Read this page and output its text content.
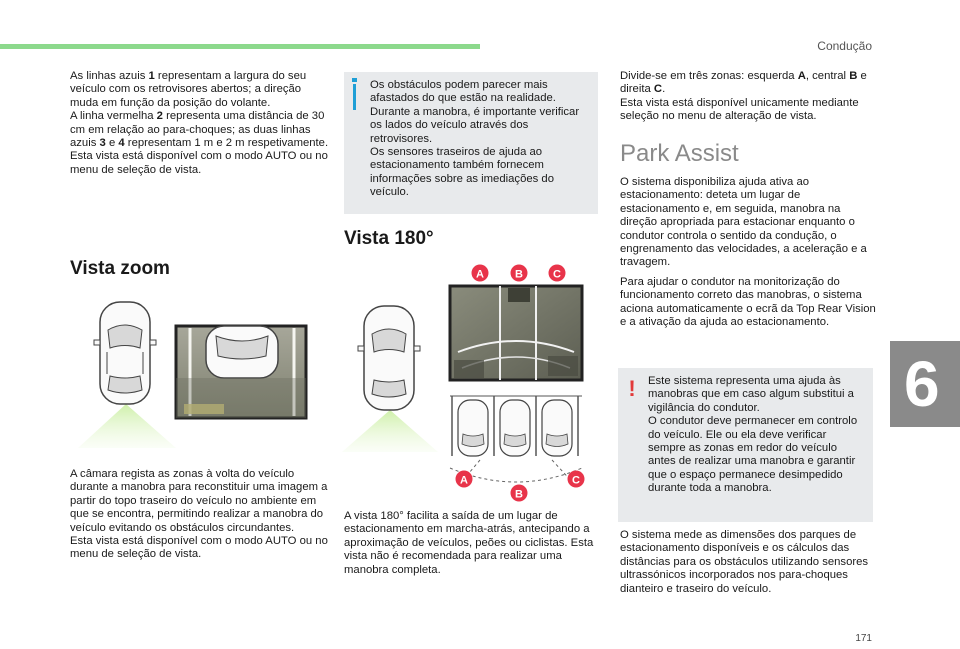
Condução
6
171

As linhas azuis 1 representam a largura do seu veículo com os retrovisores abertos; a direção muda em função da posição do volante.

A linha vermelha 2 representa uma distância de 30 cm em relação ao para-choques; as duas linhas azuis 3 e 4 representam 1 m e 2 m respetivamente.

Esta vista está disponível com o modo AUTO ou no menu de seleção de vista.

Vista zoom

A câmara regista as zonas à volta do veículo durante a manobra para reconstituir uma imagem a partir do topo traseiro do veículo no ambiente em que se encontra, permitindo realizar a manobra do veículo evitando os obstáculos circundantes.

Esta vista está disponível com o modo AUTO ou no menu de seleção de vista.

Os obstáculos podem parecer mais afastados do que estão na realidade.

Durante a manobra, é importante verificar os lados do veículo através dos retrovisores.

Os sensores traseiros de ajuda ao estacionamento também fornecem informações sobre as imediações do veículo.

Vista 180°
A	B	C
A
B
C

A vista 180° facilita a saída de um lugar de estacionamento em marcha-atrás, antecipando a aproximação de veículos, peões ou ciclistas. Esta vista não é recomendada para realizar uma manobra completa.

Divide-se em três zonas: esquerda A, central B e direita C.

Esta vista está disponível unicamente mediante seleção no menu de alteração de vista.

Park Assist

O sistema disponibiliza ajuda ativa ao estacionamento: deteta um lugar de estacionamento e, em seguida, manobra na direção apropriada para estacionar enquanto o condutor controla o sentido da condução, o engrenamento das velocidades, a aceleração e a travagem.

Para ajudar o condutor na monitorização do funcionamento correto das manobras, o sistema aciona automaticamente o ecrã da Top Rear Vision e a ativação da ajuda ao estacionamento.

! Este sistema representa uma ajuda às manobras que em caso algum substitui a vigilância do condutor.

O condutor deve permanecer em controlo do veículo. Ele ou ela deve verificar sempre as zonas em redor do veículo antes de realizar uma manobra e garantir que o espaço permanece desimpedido durante toda a manobra.

O sistema mede as dimensões dos parques de estacionamento disponíveis e os cálculos das distâncias para os obstáculos utilizando sensores ultrassónicos incorporados nos para-choques dianteiro e traseiro do veículo.
